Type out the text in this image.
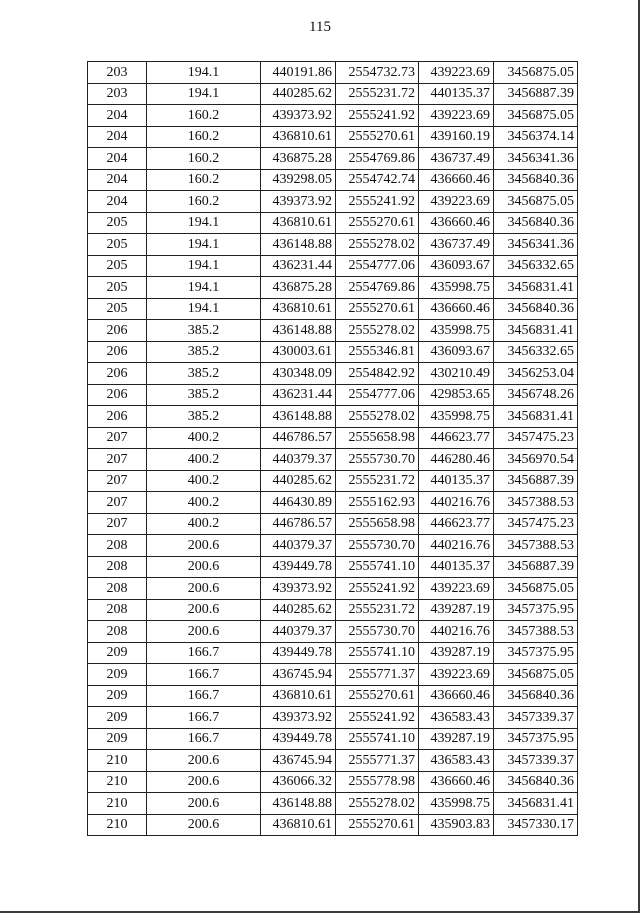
115
203	194.1	440191.86	2554732.73	439223.69	3456875.05
203	194.1	440285.62	2555231.72	440135.37	3456887.39
204	160.2	439373.92	2555241.92	439223.69	3456875.05
204	160.2	436810.61	2555270.61	439160.19	3456374.14
204	160.2	436875.28	2554769.86	436737.49	3456341.36
204	160.2	439298.05	2554742.74	436660.46	3456840.36
204	160.2	439373.92	2555241.92	439223.69	3456875.05
205	194.1	436810.61	2555270.61	436660.46	3456840.36
205	194.1	436148.88	2555278.02	436737.49	3456341.36
205	194.1	436231.44	2554777.06	436093.67	3456332.65
205	194.1	436875.28	2554769.86	435998.75	3456831.41
205	194.1	436810.61	2555270.61	436660.46	3456840.36
206	385.2	436148.88	2555278.02	435998.75	3456831.41
206	385.2	430003.61	2555346.81	436093.67	3456332.65
206	385.2	430348.09	2554842.92	430210.49	3456253.04
206	385.2	436231.44	2554777.06	429853.65	3456748.26
206	385.2	436148.88	2555278.02	435998.75	3456831.41
207	400.2	446786.57	2555658.98	446623.77	3457475.23
207	400.2	440379.37	2555730.70	446280.46	3456970.54
207	400.2	440285.62	2555231.72	440135.37	3456887.39
207	400.2	446430.89	2555162.93	440216.76	3457388.53
207	400.2	446786.57	2555658.98	446623.77	3457475.23
208	200.6	440379.37	2555730.70	440216.76	3457388.53
208	200.6	439449.78	2555741.10	440135.37	3456887.39
208	200.6	439373.92	2555241.92	439223.69	3456875.05
208	200.6	440285.62	2555231.72	439287.19	3457375.95
208	200.6	440379.37	2555730.70	440216.76	3457388.53
209	166.7	439449.78	2555741.10	439287.19	3457375.95
209	166.7	436745.94	2555771.37	439223.69	3456875.05
209	166.7	436810.61	2555270.61	436660.46	3456840.36
209	166.7	439373.92	2555241.92	436583.43	3457339.37
209	166.7	439449.78	2555741.10	439287.19	3457375.95
210	200.6	436745.94	2555771.37	436583.43	3457339.37
210	200.6	436066.32	2555778.98	436660.46	3456840.36
210	200.6	436148.88	2555278.02	435998.75	3456831.41
210	200.6	436810.61	2555270.61	435903.83	3457330.17
